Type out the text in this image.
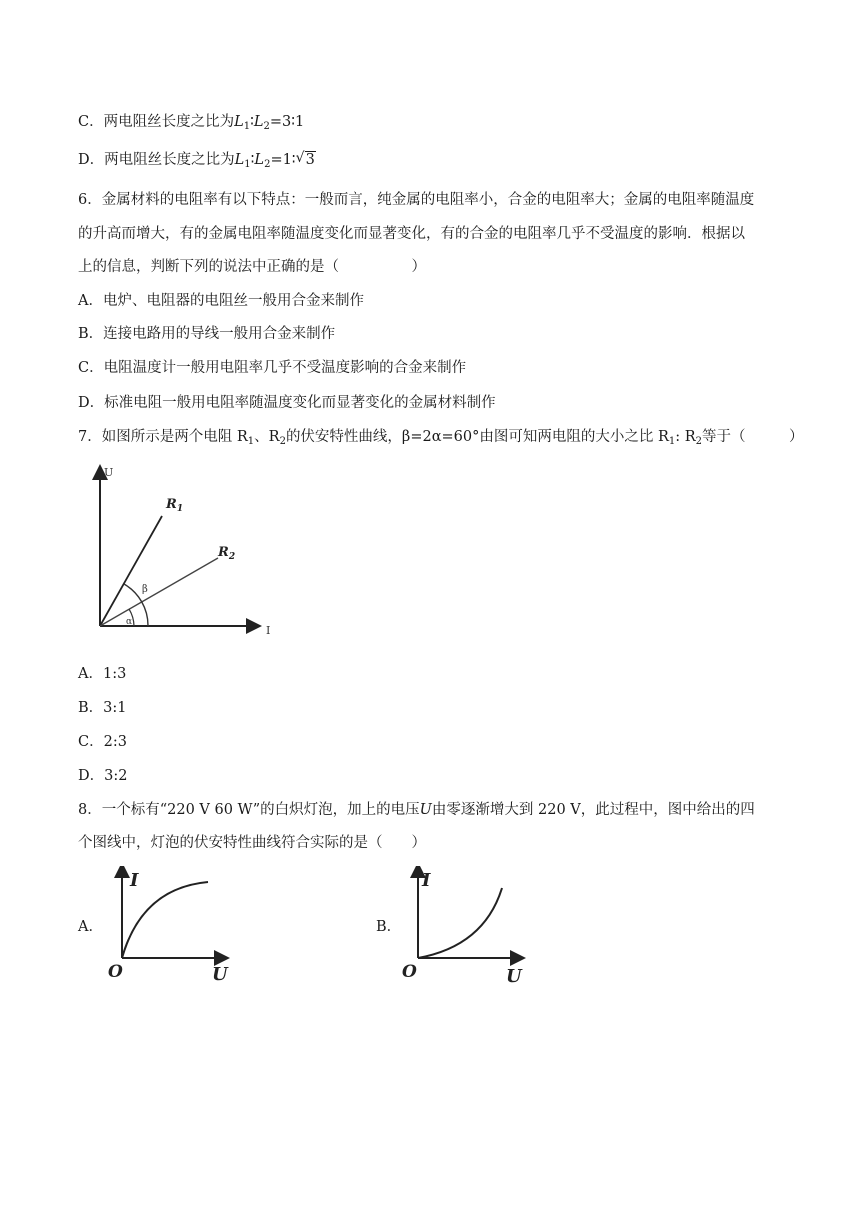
C．两电阻丝长度之比为$L_1∶L_2=3∶1$
D．两电阻丝长度之比为$L_1∶L_2=1∶$ √ 3
6．金属材料的电阻率有以下特点：一般而言，纯金属的电阻率小，合金的电阻率大；金属的电阻率随温度
的升高而增大，有的金属电阻率随温度变化而显著变化，有的合金的电阻率几乎不受温度的影响．根据以
上的信息，判断下列的说法中正确的是（　　　　　）
A．电炉、电阻器的电阻丝一般用合金来制作
B．连接电路用的导线一般用合金来制作
C．电阻温度计一般用电阻率几乎不受温度影响的合金来制作
D．标准电阻一般用电阻率随温度变化而显著变化的金属材料制作
7．如图所示是两个电阻 $R_1$、$R_2$的伏安特性曲线，β=2α=60°由图可知两电阻的大小之比 $R_1$: $R_2$等于（　　　）
U
I
$R_1$
$R_2$
β
α
A．1:3
B．3:1
C．2:3
D．3:2
8．一个标有“220 V 60 W”的白炽灯泡，加上的电压U由零逐渐增大到 220 V，此过程中，图中给出的四
个图线中，灯泡的伏安特性曲线符合实际的是（　　）
A．
I
U
O
B．
I
U
O
